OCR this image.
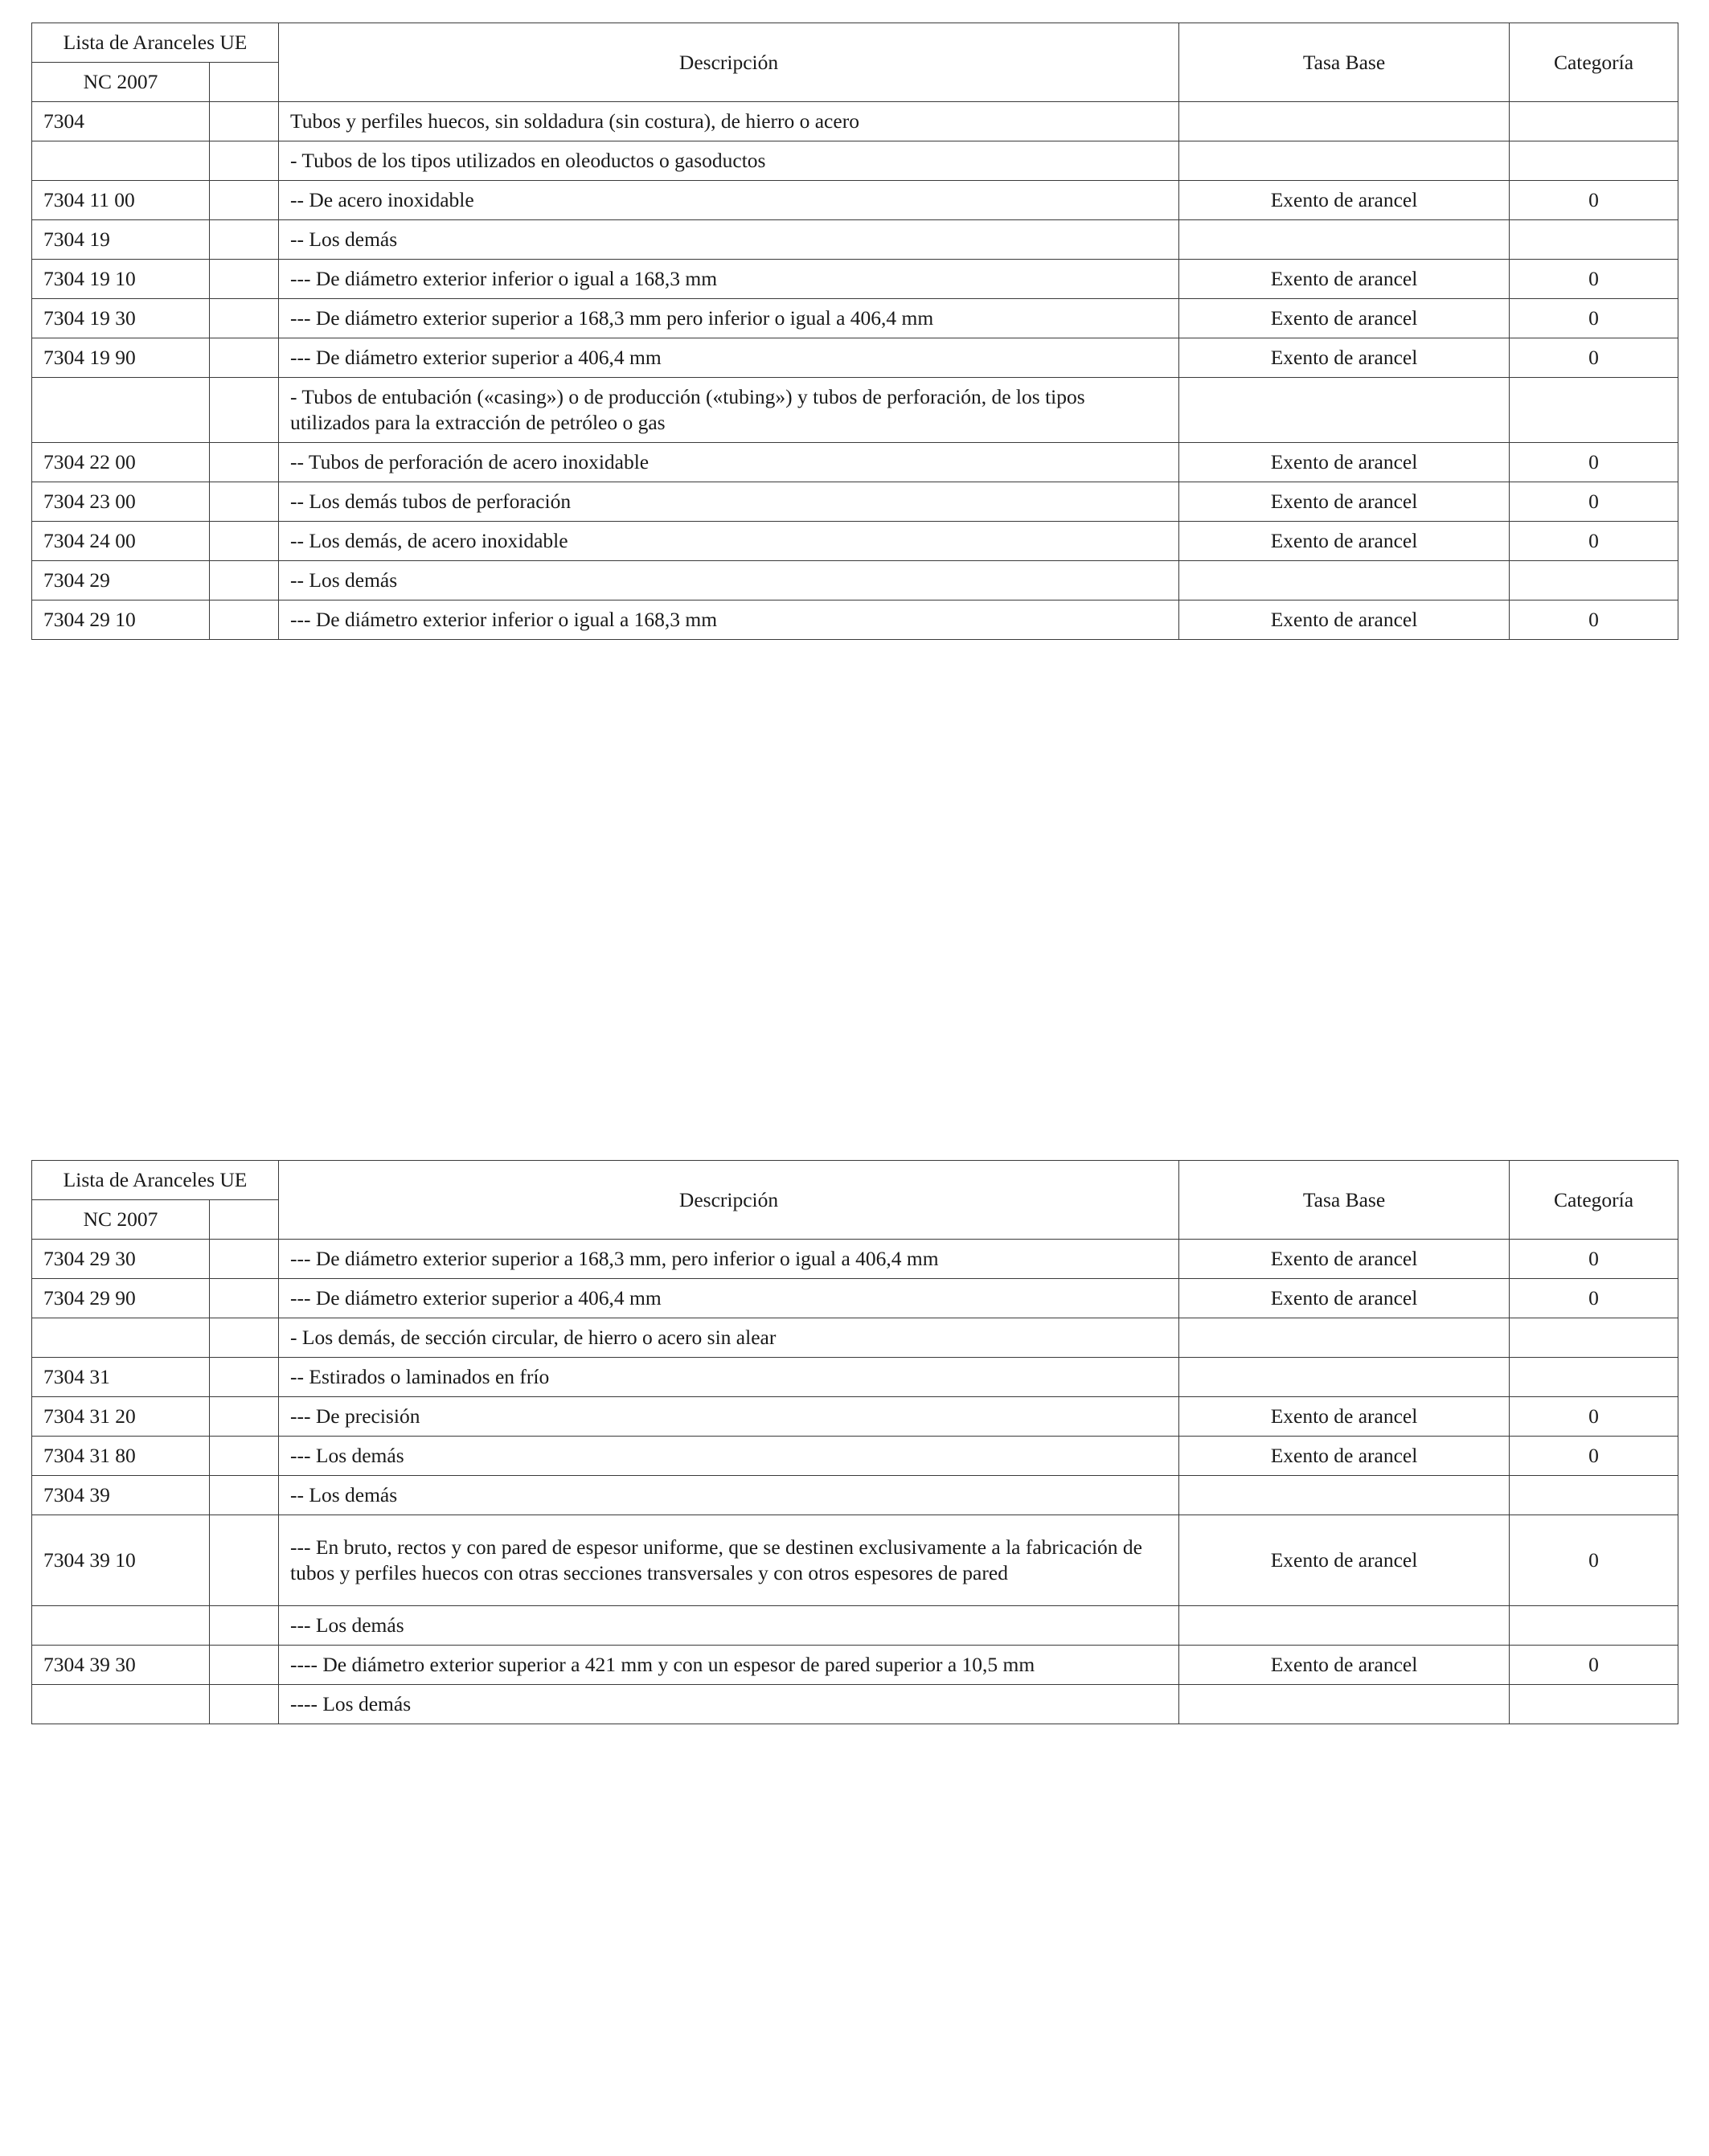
Lista de Aranceles UE		Descripción	Tasa Base	Categoría
NC 2007				
7304		Tubos y perfiles huecos, sin soldadura (sin costura), de hierro o acero		
		- Tubos de los tipos utilizados en oleoductos o gasoductos		
7304 11 00		-- De acero inoxidable	Exento de arancel	0
7304 19		-- Los demás		
7304 19 10		--- De diámetro exterior inferior o igual a 168,3 mm	Exento de arancel	0
7304 19 30		--- De diámetro exterior superior a 168,3 mm pero inferior o igual a 406,4 mm	Exento de arancel	0
7304 19 90		--- De diámetro exterior superior a 406,4 mm	Exento de arancel	0
		- Tubos de entubación («casing») o de producción («tubing») y tubos de perforación, de los tipos utilizados para la extracción de petróleo o gas		
7304 22 00		-- Tubos de perforación de acero inoxidable	Exento de arancel	0
7304 23 00		-- Los demás tubos de perforación	Exento de arancel	0
7304 24 00		-- Los demás, de acero inoxidable	Exento de arancel	0
7304 29		-- Los demás		
7304 29 10		--- De diámetro exterior inferior o igual a 168,3 mm	Exento de arancel	0
Lista de Aranceles UE		Descripción	Tasa Base	Categoría
NC 2007				
7304 29 30		--- De diámetro exterior superior a 168,3 mm, pero inferior o igual a 406,4 mm	Exento de arancel	0
7304 29 90		--- De diámetro exterior superior a 406,4 mm	Exento de arancel	0
		- Los demás, de sección circular, de hierro o acero sin alear		
7304 31		-- Estirados o laminados en frío		
7304 31 20		--- De precisión	Exento de arancel	0
7304 31 80		--- Los demás	Exento de arancel	0
7304 39		-- Los demás		
7304 39 10		--- En bruto, rectos y con pared de espesor uniforme, que se destinen exclusivamente a la fabricación de tubos y perfiles huecos con otras secciones transversales y con otros espesores de pared	Exento de arancel	0
		--- Los demás		
7304 39 30		---- De diámetro exterior superior a 421 mm y con un espesor de pared superior a 10,5 mm	Exento de arancel	0
		---- Los demás		
